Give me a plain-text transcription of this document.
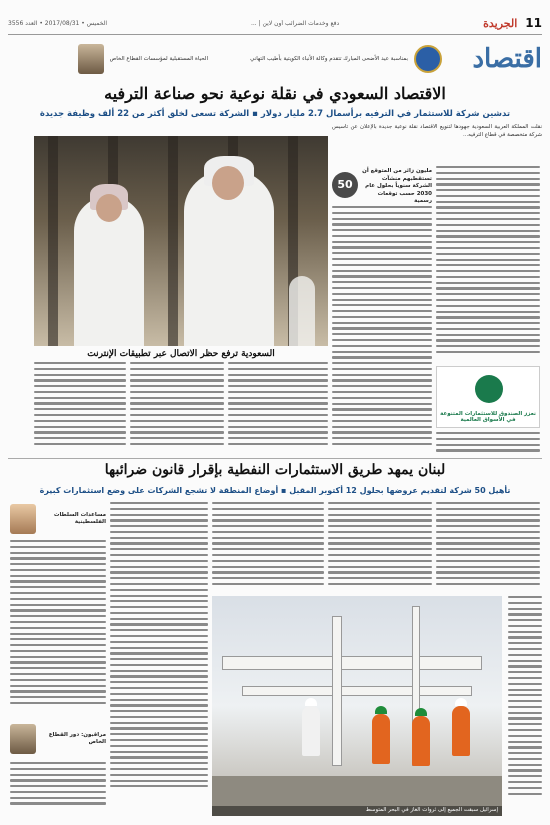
11
الجريدة
دفع وخدمات الضرائب أون لاين | ...
الخميس • 2017/08/31 • العدد 3556
اقتصاد
بمناسبة عيد الأضحى المبارك تتقدم وكالة الأنباء الكويتية بأطيب التهاني
الحياة المستقبلية لمؤسسات القطاع الخاص
الاقتصاد السعودي في نقلة نوعية نحو صناعة الترفيه
تدشين شركة للاستثمار في الترفيه برأسمال 2.7 مليار دولار ▪ الشركة تسعى لخلق أكثر من 22 ألف وظيفة جديدة

نقلت المملكة العربية السعودية جهودها لتنويع الاقتصاد نقلة نوعية جديدة بالإعلان عن تأسيس شركة متخصصة في قطاع الترفيه...

50
مليون زائر من المتوقع أن تستقطبهم منشآت الشركة سنوياً بحلول عام 2030 حسب توقعات رسمية
السعودية ترفع حظر الاتصال عبر تطبيقات الإنترنت
نعزز الصندوق للاستثمارات المتنوعة في الأسواق العالمية
لبنان يمهد طريق الاستثمارات النفطية بإقرار قانون ضرائبها
تأهيل 50 شركة لتقديم عروضها بحلول 12 أكتوبر المقبل ▪ أوضاع المنطقة لا تشجع الشركات على وضع استثمارات كبيرة
مساعدات السلطات الفلسطينية
مراقبون: دور القطاع الخاص
إسرائيل سبقت الجميع إلى ثروات الغاز في البحر المتوسط
